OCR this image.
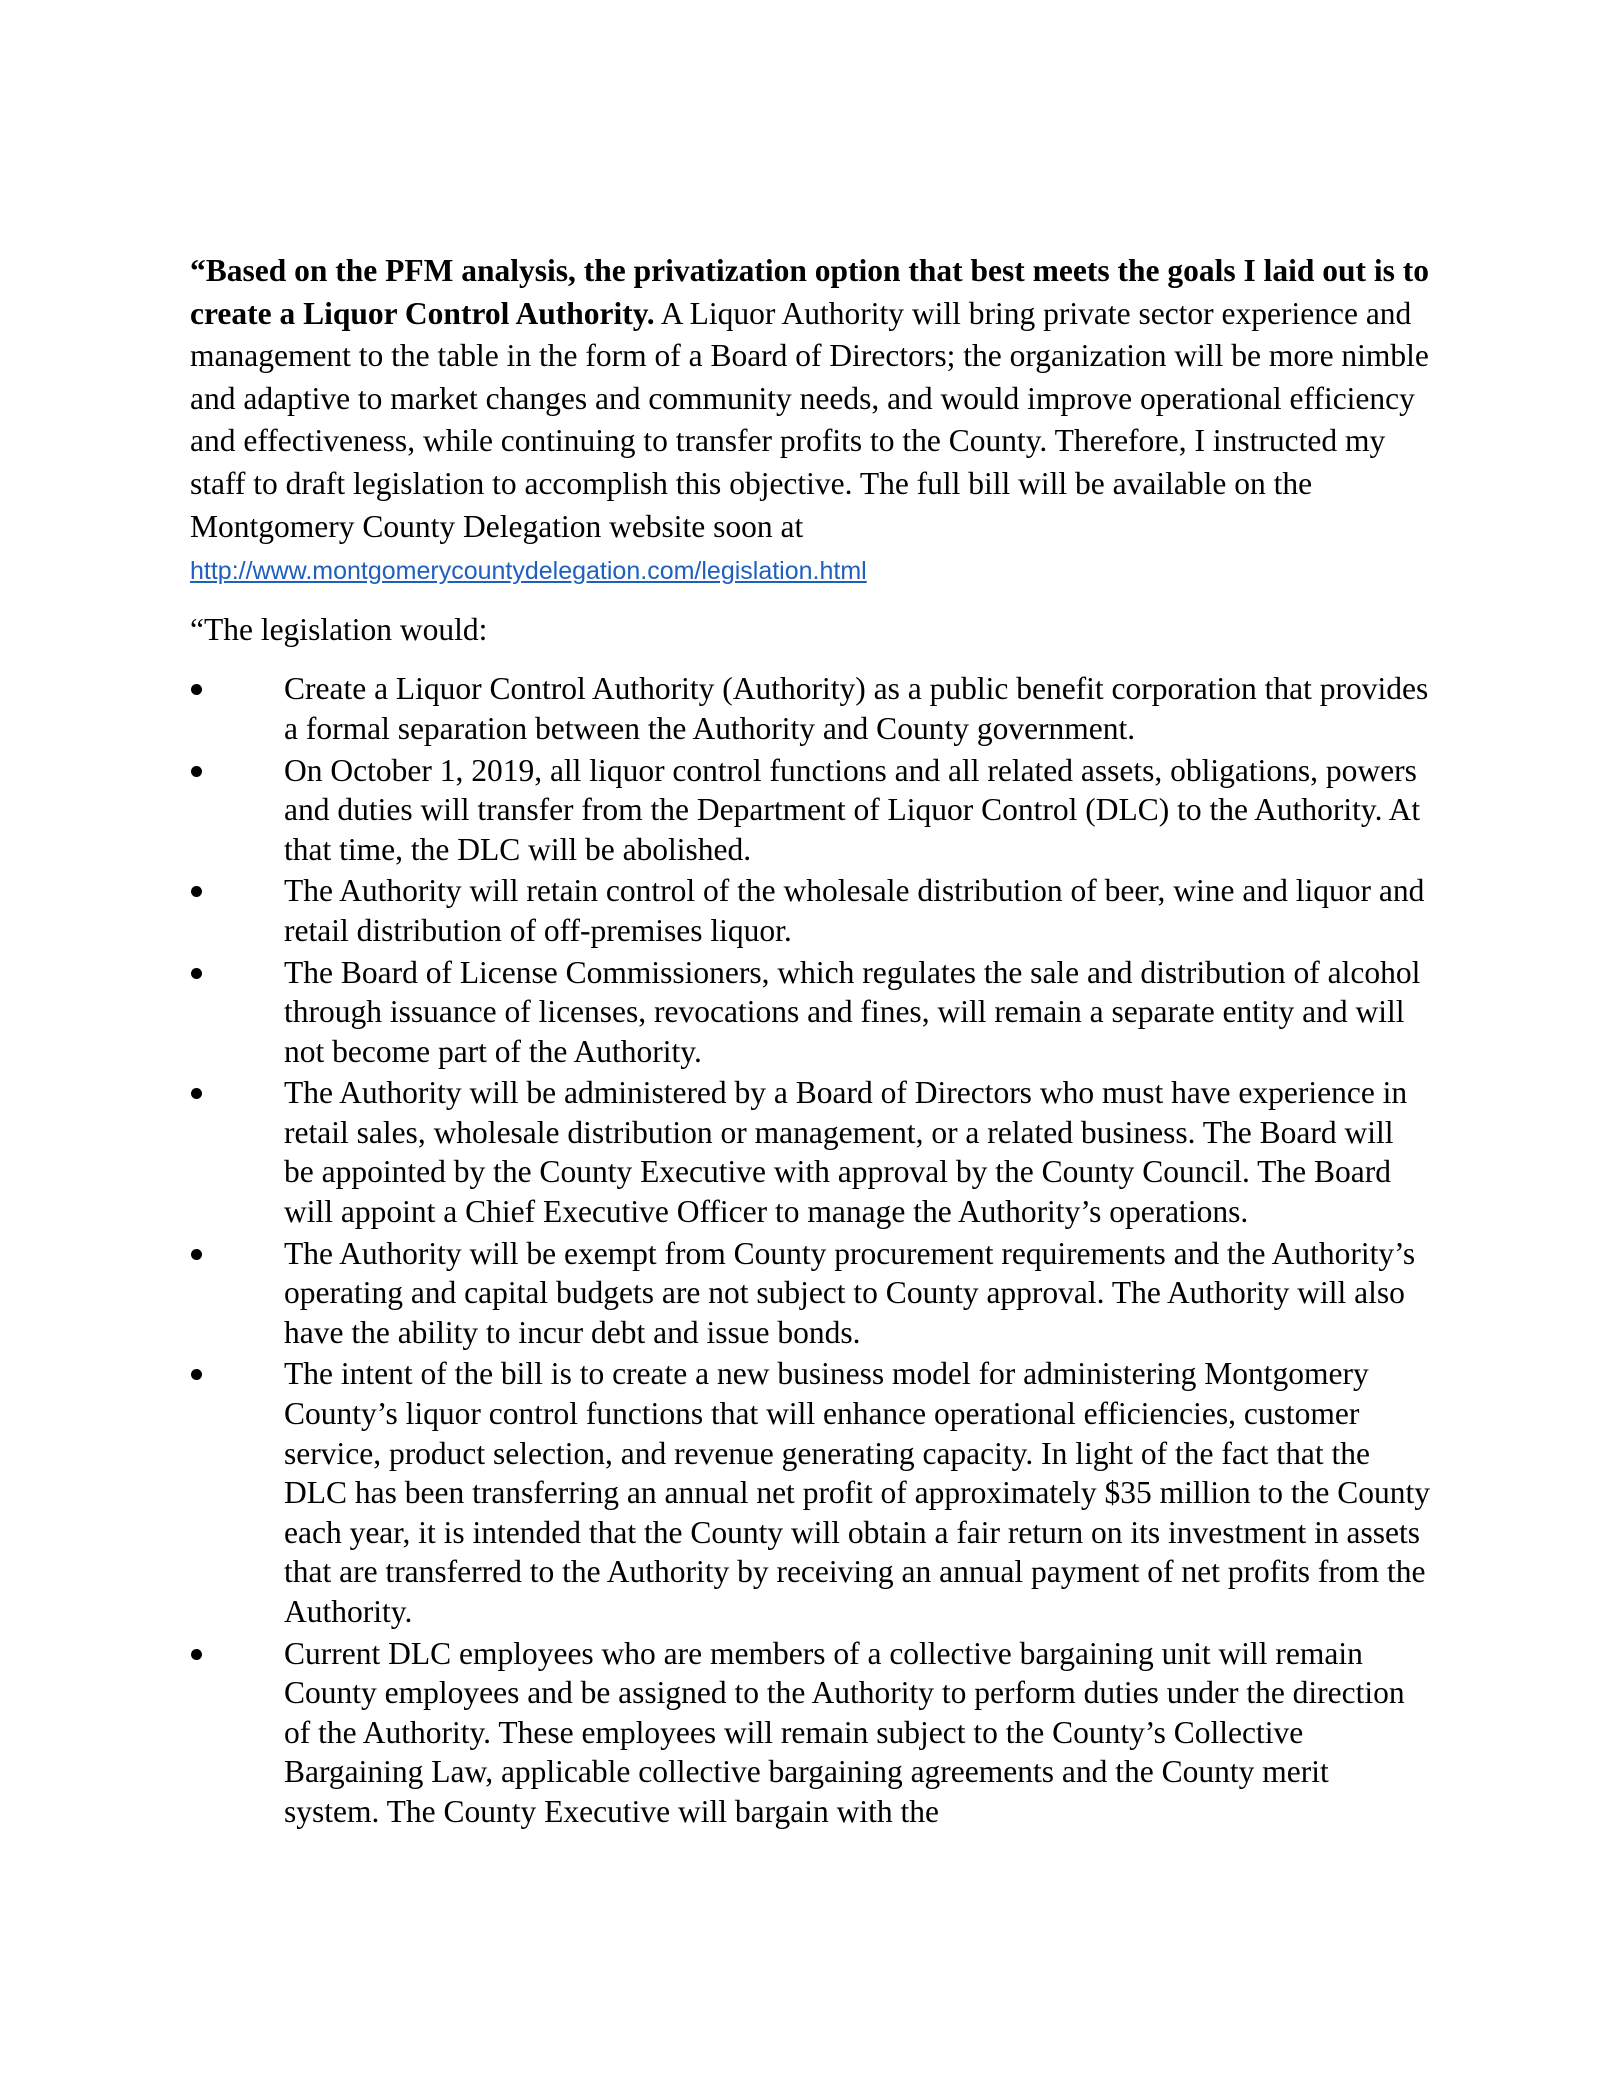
“Based on the PFM analysis, the privatization option that best meets the goals I laid out is to create a Liquor Control Authority. A Liquor Authority will bring private sector experience and management to the table in the form of a Board of Directors; the organization will be more nimble and adaptive to market changes and community needs, and would improve operational efficiency and effectiveness, while continuing to transfer profits to the County. Therefore, I instructed my staff to draft legislation to accomplish this objective. The full bill will be available on the Montgomery County Delegation website soon at http://www.montgomerycountydelegation.com/legislation.html

“The legislation would:

Create a Liquor Control Authority (Authority) as a public benefit corporation that provides a formal separation between the Authority and County government.
On October 1, 2019, all liquor control functions and all related assets, obligations, powers and duties will transfer from the Department of Liquor Control (DLC) to the Authority. At that time, the DLC will be abolished.
The Authority will retain control of the wholesale distribution of beer, wine and liquor and retail distribution of off-premises liquor.
The Board of License Commissioners, which regulates the sale and distribution of alcohol through issuance of licenses, revocations and fines, will remain a separate entity and will not become part of the Authority.
The Authority will be administered by a Board of Directors who must have experience in retail sales, wholesale distribution or management, or a related business. The Board will be appointed by the County Executive with approval by the County Council. The Board will appoint a Chief Executive Officer to manage the Authority’s operations.
The Authority will be exempt from County procurement requirements and the Authority’s operating and capital budgets are not subject to County approval. The Authority will also have the ability to incur debt and issue bonds.
The intent of the bill is to create a new business model for administering Montgomery County’s liquor control functions that will enhance operational efficiencies, customer service, product selection, and revenue generating capacity. In light of the fact that the DLC has been transferring an annual net profit of approximately $35 million to the County each year, it is intended that the County will obtain a fair return on its investment in assets that are transferred to the Authority by receiving an annual payment of net profits from the Authority.
Current DLC employees who are members of a collective bargaining unit will remain County employees and be assigned to the Authority to perform duties under the direction of the Authority. These employees will remain subject to the County’s Collective Bargaining Law, applicable collective bargaining agreements and the County merit system. The County Executive will bargain with the
